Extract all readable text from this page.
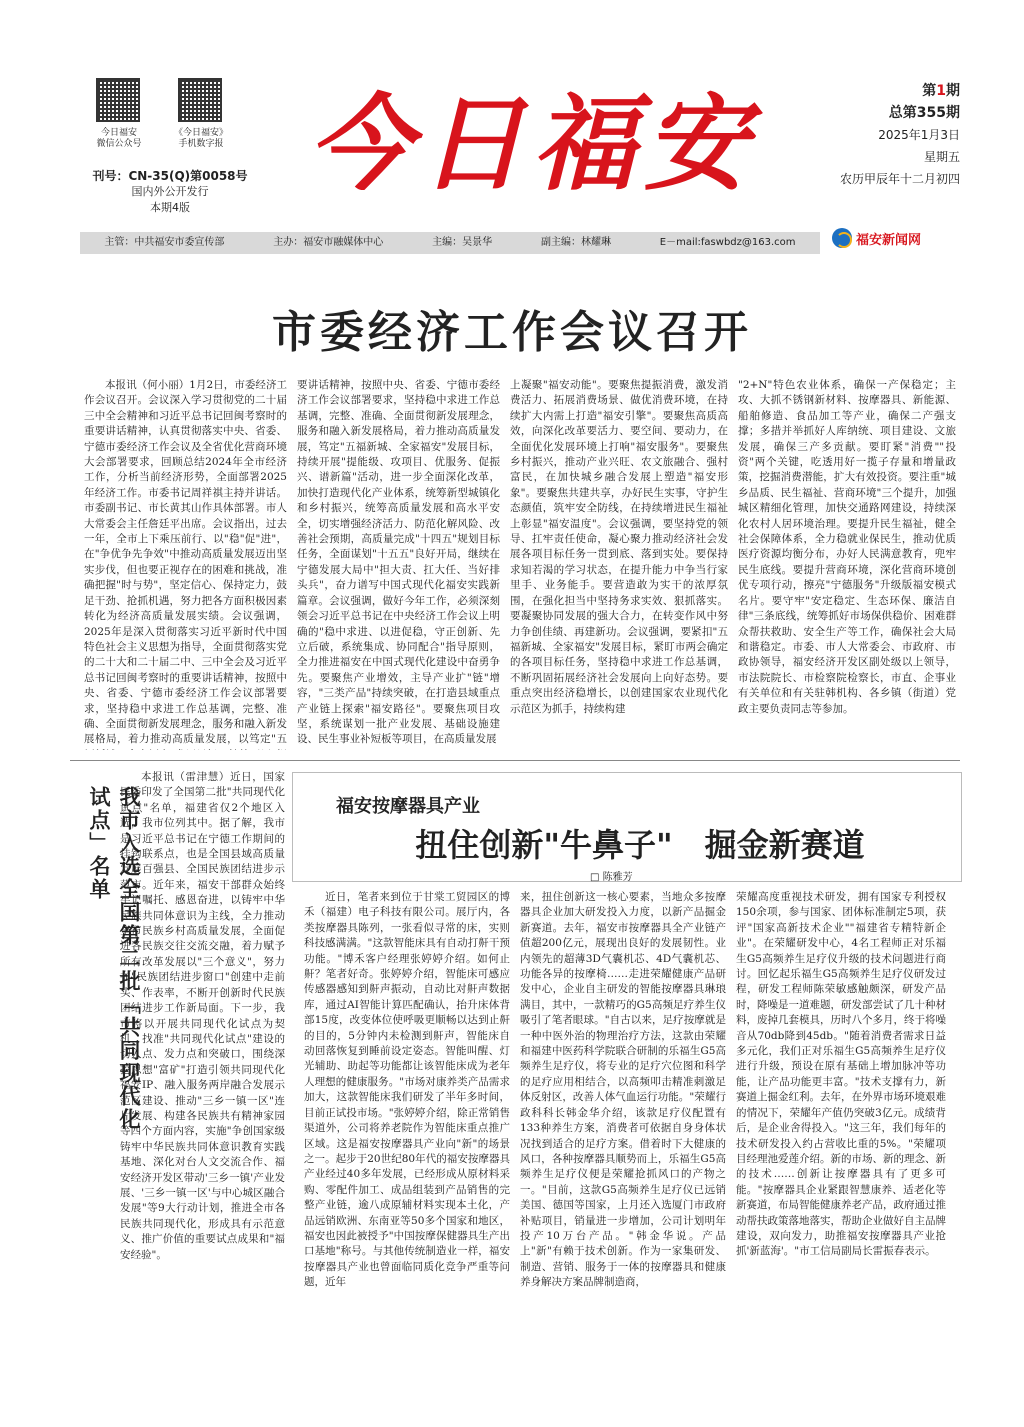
今日福安
微信公众号
《今日福安》
手机数字报
刊号：CN-35(Q)第0058号
国内外公开发行
本期4版
今日福安	第1期
总第355期
2025年1月3日
星期五
农历甲辰年十二月初四
主管：中共福安市委宣传部	主办：福安市融媒体中心	主编：吴景华	副主编：林耀琳	E－mail:faswbdz@163.com	福安新闻网
市委经济工作会议召开

本报讯（何小丽）1月2日，市委经济工作会议召开。会议深入学习贯彻党的二十届三中全会精神和习近平总书记回闽考察时的重要讲话精神，认真贯彻落实中央、省委、宁德市委经济工作会议及全省优化营商环境大会部署要求，回顾总结2024年全市经济工作，分析当前经济形势，全面部署2025年经济工作。市委书记周祥祺主持并讲话。市委副书记、市长黄其山作具体部署。市人大常委会主任詹廷平出席。会议指出，过去一年，全市上下乘压前行、以"稳"促"进"，在"争优争先争效"中推动高质量发展迈出坚实步伐，但也要正视存在的困难和挑战，准确把握"时与势"，坚定信心、保持定力，鼓足干劲、抢抓机遇，努力把各方面积极因素转化为经济高质量发展实绩。会议强调，2025年是深入贯彻落实习近平新时代中国特色社会主义思想为指导，全面贯彻落实党的二十大和二十届二中、三中全会及习近平总书记回闽考察时的重要讲话精神，按照中央、省委、宁德市委经济工作会议部署要求，坚持稳中求进工作总基调，完整、准确、全面贯彻新发展理念，服务和融入新发展格局，着力推动高质量发展，以笃定"五

要讲话精神，按照中央、省委、宁德市委经济工作会议部署要求，坚持稳中求进工作总基调，完整、准确、全面贯彻新发展理念，服务和融入新发展格局，着力推动高质量发展，笃定"五福新城、全家福安"发展目标，持续开展"提能级、攻项目、优服务、促振兴、谱新篇"活动，进一步全面深化改革，加快打造现代化产业体系，统筹新型城镇化和乡村振兴，统筹高质量发展和高水平安全，切实增强经济活力、防范化解风险、改善社会预期，高质量完成"十四五"规划目标任务，全面谋划"十五五"良好开局，继续在宁德发展大局中"担大责、扛大任、当好排头兵"，奋力谱写中国式现代化福安实践新篇章。会议强调，做好今年工作，必须深刻领会习近平总书记在中央经济工作会议上明确的"稳中求进、以进促稳，守正创新、先立后破，系统集成、协同配合"指导原则，全力推进福安在中国式现代化建设中奋勇争先。要聚焦产业增效，主导产业扩"链"增容，"三类产品"持续突破，在打造县域重点产业链上探索"福安路径"。要聚焦项目攻坚，系统谋划一批产业发展、基础设施建设、民生事业补短板等项目，在高质量发展

上凝聚"福安动能"。要聚焦提振消费，激发消费活力、拓展消费场景、做优消费环境，在持续扩大内需上打造"福安引擎"。要聚焦高质高效，向深化改革要活力、要空间、要动力，在全面优化发展环境上打响"福安服务"。要聚焦乡村振兴，推动产业兴旺、农文旅融合、强村富民，在加快城乡融合发展上塑造"福安形象"。要聚焦共建共享，办好民生实事，守护生态颜值，筑牢安全防线，在持续增进民生福祉上彰显"福安温度"。会议强调，要坚持党的领导、扛牢责任使命，凝心聚力推动经济社会发展各项目标任务一贯到底、落到实处。要保持求知若渴的学习状态，在提升能力中争当行家里手、业务能手。要营造敢为实干的浓厚氛围，在强化担当中坚持务求实效、狠抓落实。要凝聚协同发展的强大合力，在转变作风中努力争创佳绩、再建新功。会议强调，要紧扣"五福新城、全家福安"发展目标，紧盯市两会确定的各项目标任务，坚持稳中求进工作总基调，不断巩固拓展经济社会发展向上向好态势。要重点突出经济稳增长，以创建国家农业现代化示范区为抓手，持续构建

"2+N"特色农业体系，确保一产保稳定；主攻、大抓不锈钢新材料、按摩器具、新能源、船舶修造、食品加工等产业，确保二产强支撑；多措并举抓好人库纳统、项目建设、文旅发展，确保三产多贡献。要盯紧"消费""投资"两个关键，吃透用好一揽子存量和增量政策，挖掘消费潜能，扩大有效投资。要注重"城乡品质、民生福祉、营商环境"三个提升，加强城区精细化管理，加快交通路网建设，持续深化农村人居环境治理。要提升民生福祉，健全社会保障体系，全力稳就业保民生，推动优质医疗资源均衡分布，办好人民满意教育，兜牢民生底线。要提升营商环境，深化营商环境创优专项行动，擦亮"宁德服务"升级版福安模式名片。要守牢"安定稳定、生态环保、廉洁自律"三条底线，统筹抓好市场保供稳价、困难群众帮扶救助、安全生产等工作，确保社会大局和谐稳定。市委、市人大常委会、市政府、市政协领导，福安经济开发区副处级以上领导，市法院院长、市检察院检察长，市直、企事业有关单位和有关驻韩机构、各乡镇（街道）党政主要负责同志等参加。

我市入选全国第二批「共同现代化试点」名单

本报讯（雷津慧）近日，国家民委印发了全国第二批"共同现代化试点"名单，福建省仅2个地区入选，我市位列其中。据了解，我市是习近平总书记在宁德工作期间的挂钩联系点，也是全国县域高质量发展百强县、全国民族团结进步示范市。近年来，福安干部群众始终牢记嘱托、感恩奋进，以铸牢中华民族共同体意识为主线，全力推动全市民族乡村高质量发展，全面促进各民族交往交流交融，着力赋予所有改革发展以"三个意义"，努力在"民族团结进步窗口"创建中走前头、作表率，不断开创新时代民族团结进步工作新局面。下一步，我市将以开展共同现代化试点为契机，找准"共同现代化试点"建设的切入点、发力点和突破口，围绕深挖思想"富矿"打造引领共同现代化福安IP、融入服务两岸融合发展示范区建设、推动"三乡一镇一区"连片发展、构建各民族共有精神家园等四个方面内容，实施"争创国家级铸牢中华民族共同体意识教育实践基地、深化对台人文交流合作、福安经济开发区带动'三乡一镇'产业发展、'三乡一镇一区'与中心城区融合发展"等9大行动计划，推进全市各民族共同现代化，形成具有示范意义、推广价值的重要试点成果和"福安经验"。

福安按摩器具产业
扭住创新"牛鼻子"　掘金新赛道
□ 陈雅芳

近日，笔者来到位于甘棠工贸园区的博禾（福建）电子科技有限公司。展厅内，各类按摩器具陈列，一张看似寻常的床，实则科技感满满。"这款智能床具有自动打鼾干预功能。"博禾客户经理张婷婷介绍。如何止鼾？笔者好奇。张婷婷介绍，智能床可感应传感器感知到鼾声振动，自动比对鼾声数据库，通过AI智能计算匹配确认，抬升床体背部15度，改变体位使呼吸更顺畅以达到止鼾的目的，5分钟内未检测到鼾声，智能床自动回落恢复到睡前设定姿态。智能叫醒、灯光辅助、助起等功能都让该智能床成为老年人理想的健康服务。"市场对康养类产品需求加大，这款智能床我们研发了半年多时间，目前正试投市场。"张婷婷介绍，除正常销售渠道外，公司将养老院作为智能床重点推广区域。这是福安按摩器具产业向"新"的场景之一。起步于20世纪80年代的福安按摩器具产业经过40多年发展，已经形成从原材料采购、零配件加工、成品组装到产品销售的完整产业链，逾八成原辅材料实现本土化，产品远销欧洲、东南亚等50多个国家和地区，福安也因此被授予"中国按摩保健器具生产出口基地"称号。与其他传统制造业一样，福安按摩器具产业也曾面临同质化竞争严重等问题，近年

来，扭住创新这一核心要素，当地众多按摩器具企业加大研发投入力度，以新产品掘金新赛道。去年，福安市按摩器具全产业链产值超200亿元，展现出良好的发展韧性。业内领先的超薄3D气囊机芯、4D气囊机芯、功能各异的按摩椅……走进荣耀健康产品研发中心，企业自主研发的智能按摩器具琳琅满目，其中，一款精巧的G5高频足疗养生仪吸引了笔者眼球。"自古以来，足疗按摩就是一种中医外治的物理治疗方法，这款由荣耀和福建中医药科学院联合研制的乐福生G5高频养生足疗仪，将专业的足疗穴位图和科学的足疗应用相结合，以高频叩击精准刺激足体反射区，改善人体气血运行功能。"荣耀行政科科长韩金华介绍，该款足疗仪配置有133种养生方案，消费者可依据自身身体状况找到适合的足疗方案。借着时下大健康的风口，各种按摩器具顺势而上，乐福生G5高频养生足疗仪便是荣耀抢抓风口的产物之一。"目前，这款G5高频养生足疗仪已远销美国、德国等国家，上月还入选厦门市政府补贴项目，销量进一步增加，公司计划明年投产10万台产品。"韩金华说。产品上"新"有赖于技术创新。作为一家集研发、制造、营销、服务于一体的按摩器具和健康养身解决方案品牌制造商，

荣耀高度重视技术研发，拥有国家专利授权150余项，参与国家、团体标准制定5项，获评"国家高新技术企业""福建省专精特新企业"。在荣耀研发中心，4名工程师正对乐福生G5高频养生足疗仪升级的技术问题进行商讨。回忆起乐福生G5高频养生足疗仪研发过程，研发工程师陈荣敏感触颇深，研发产品时，降噪是一道难题，研发部尝试了几十种材料，废掉几套模具，历时八个多月，终于将噪音从70db降到45db。"随着消费者需求日益多元化，我们正对乐福生G5高频养生足疗仪进行升级，预设在原有基础上增加脉冲等功能，让产品功能更丰富。"技术支撑有力，新赛道上掘金红利。去年，在外界市场环境艰难的情况下，荣耀年产值仍突破3亿元。成绩背后，是企业舍得投入。"这三年，我们每年的技术研发投入约占营收比重的5%。"荣耀项目经理池爱莲介绍。新的市场、新的理念、新的技术……创新让按摩器具有了更多可能。"按摩器具企业紧跟智慧康养、适老化等新赛道，布局智能健康养老产品，政府通过推动帮扶政策落地落实，帮助企业做好自主品牌建设，双向发力，助推福安按摩器具产业抢抓'新蓝海'。"市工信局副局长雷振春表示。
